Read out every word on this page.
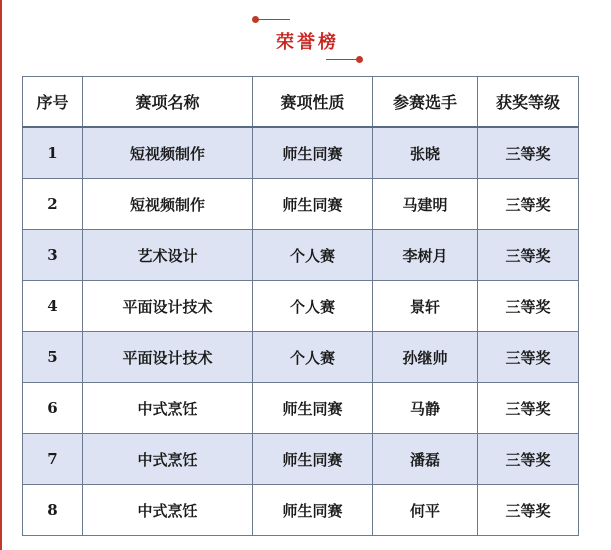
荣誉榜
序号	赛项名称	赛项性质	参赛选手	获奖等级
1	短视频制作	师生同赛	张晓	三等奖
2	短视频制作	师生同赛	马建明	三等奖
3	艺术设计	个人赛	李树月	三等奖
4	平面设计技术	个人赛	景轩	三等奖
5	平面设计技术	个人赛	孙继帅	三等奖
6	中式烹饪	师生同赛	马静	三等奖
7	中式烹饪	师生同赛	潘磊	三等奖
8	中式烹饪	师生同赛	何平	三等奖
